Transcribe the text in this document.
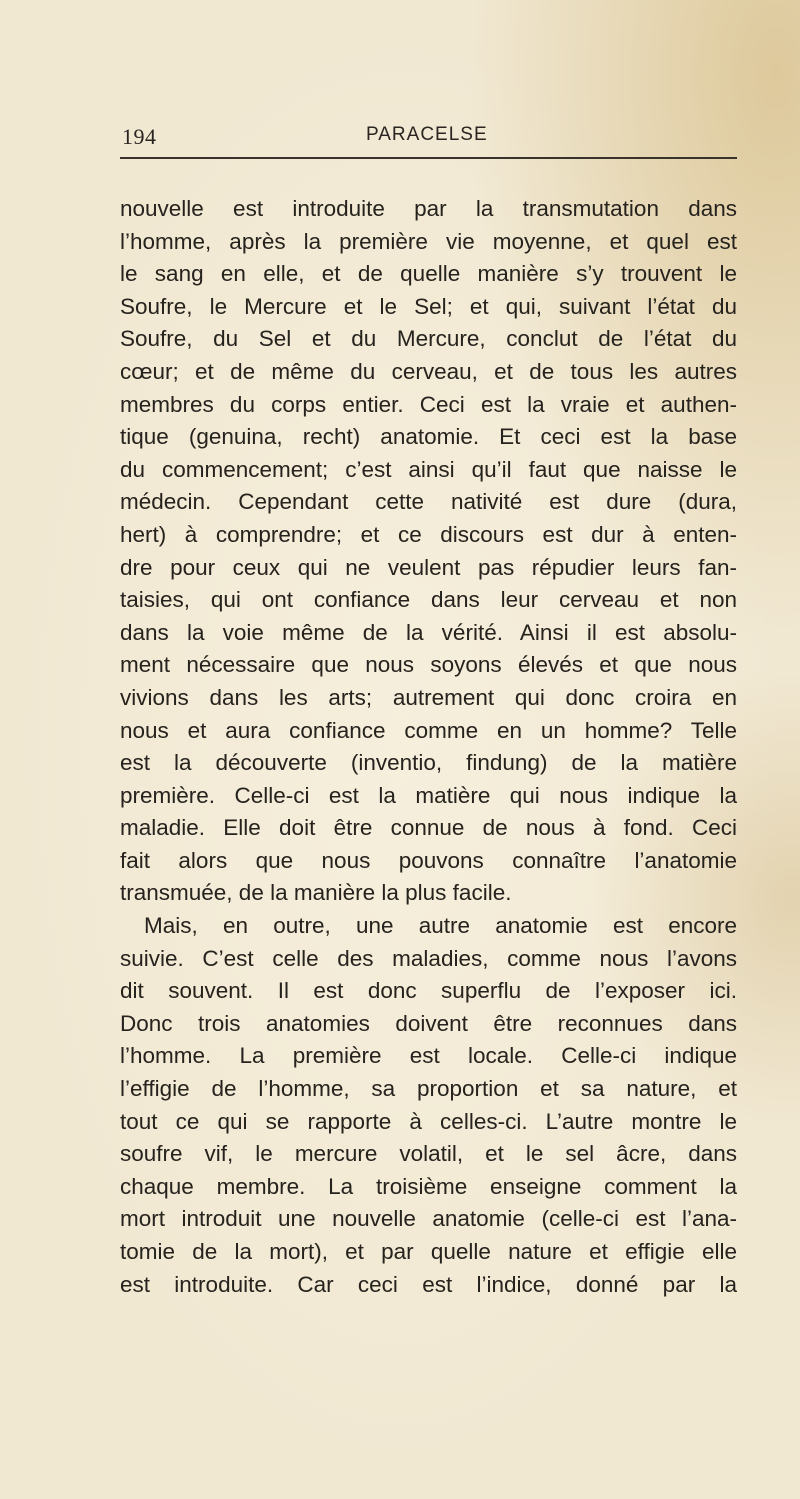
194	PARACELSE
nouvelle est introduite par la transmutation dans
l’homme, après la première vie moyenne, et quel est
le sang en elle, et de quelle manière s’y trouvent le
Soufre, le Mercure et le Sel; et qui, suivant l’état du
Soufre, du Sel et du Mercure, conclut de l’état du
cœur; et de même du cerveau, et de tous les autres
membres du corps entier. Ceci est la vraie et authen-
tique (genuina, recht) anatomie. Et ceci est la base
du commencement; c’est ainsi qu’il faut que naisse le
médecin. Cependant cette nativité est dure (dura,
hert) à comprendre; et ce discours est dur à enten-
dre pour ceux qui ne veulent pas répudier leurs fan-
taisies, qui ont confiance dans leur cerveau et non
dans la voie même de la vérité. Ainsi il est absolu-
ment nécessaire que nous soyons élevés et que nous
vivions dans les arts; autrement qui donc croira en
nous et aura confiance comme en un homme? Telle
est la découverte (inventio, findung) de la matière
première. Celle-ci est la matière qui nous indique la
maladie. Elle doit être connue de nous à fond. Ceci
fait alors que nous pouvons connaître l’anatomie
transmuée, de la manière la plus facile.
Mais, en outre, une autre anatomie est encore
suivie. C’est celle des maladies, comme nous l’avons
dit souvent. Il est donc superflu de l’exposer ici.
Donc trois anatomies doivent être reconnues dans
l’homme. La première est locale. Celle-ci indique
l’effigie de l’homme, sa proportion et sa nature, et
tout ce qui se rapporte à celles-ci. L’autre montre le
soufre vif, le mercure volatil, et le sel âcre, dans
chaque membre. La troisième enseigne comment la
mort introduit une nouvelle anatomie (celle-ci est l’ana-
tomie de la mort), et par quelle nature et effigie elle
est introduite. Car ceci est l’indice, donné par la
